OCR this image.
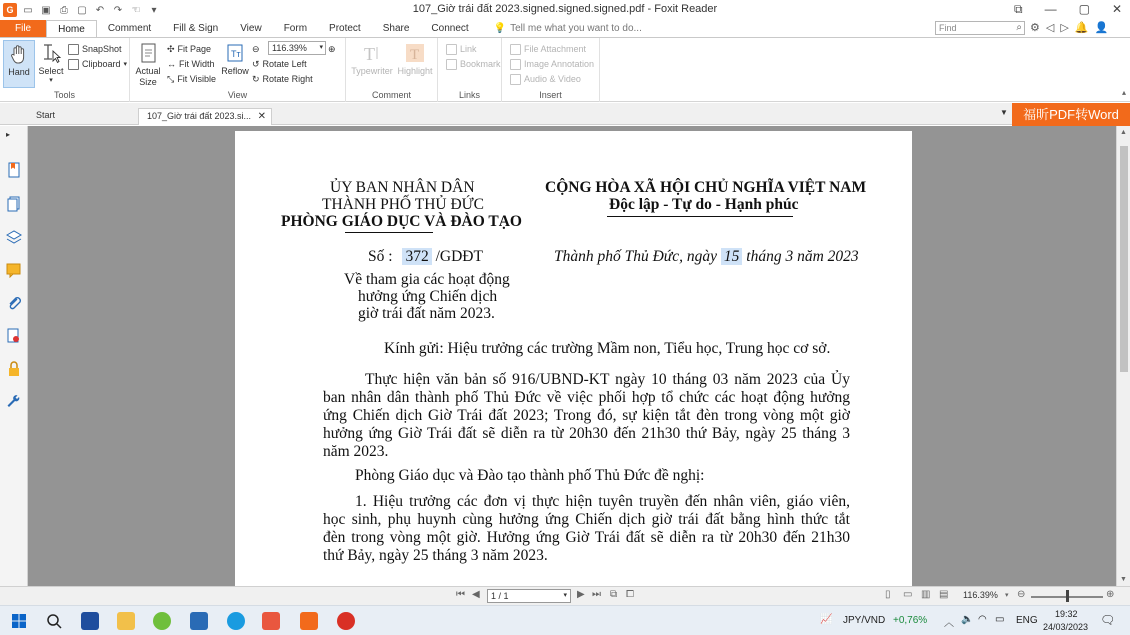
G ▭ ▣ ⎙ ▢ ↶ ↷ ☜	▾	107_Giờ trái đất 2023.signed.signed.signed.pdf - Foxit Reader	⧉ — ▢ ✕
File	Home	Comment	Fill & Sign	View	Form	Protect	Share	Connect	💡 Tell me what you want to do...	Find	⌕ ⚙ ◁ ▷ 🔔 👤
Hand Select
▾
SnapShot
Clipboard ▾
Tools
Actual Size
✣ Fit Page
↔ Fit Width
⤡ Fit Visible
Tт
Reflow
⊖	116.39% ▾ ⊕
↺ Rotate Left
↻ Rotate Right
View
T
Typewriter
T
Highlight
Comment
Link
Bookmark
Links
File Attachment
Image Annotation
Audio & Video
Insert	▴
Start	107_Giờ trái đất 2023.si... ✕	▼	福昕PDF转Word
▸
ỦY BAN NHÂN DÂN
THÀNH PHỐ THỦ ĐỨC
PHÒNG GIÁO DỤC VÀ ĐÀO TẠO
CỘNG HÒA XÃ HỘI CHỦ NGHĨA VIỆT NAM
Độc lập - Tự do - Hạnh phúc
Số : 372 /GDĐT	Thành phố Thủ Đức, ngày 15 tháng 3 năm 2023
Về tham gia các hoạt động
hưởng ứng Chiến dịch
giờ trái đất năm 2023.
Kính gửi: Hiệu trưởng các trường Mầm non, Tiểu học, Trung học cơ sở.
Thực hiện văn bản số 916/UBND-KT ngày 10 tháng 03 năm 2023 của Ủy
ban nhân dân thành phố Thủ Đức về việc phối hợp tổ chức các hoạt động hưởng
ứng Chiến dịch Giờ Trái đất 2023; Trong đó, sự kiện tắt đèn trong vòng một giờ
hưởng ứng Giờ Trái đất sẽ diễn ra từ 20h30 đến 21h30 thứ Bảy, ngày 25 tháng 3
năm 2023.
Phòng Giáo dục và Đào tạo thành phố Thủ Đức đề nghị:
1. Hiệu trưởng các đơn vị thực hiện tuyên truyền đến nhân viên, giáo viên,
học sinh, phụ huynh cùng hưởng ứng Chiến dịch giờ trái đất bằng hình thức tắt
đèn trong vòng một giờ. Hưởng ứng Giờ Trái đất sẽ diễn ra từ 20h30 đến 21h30
thứ Bảy, ngày 25 tháng 3 năm 2023.
▲
▼
⏮ ◀	1 / 1	▾ ▶ ⏭ ⧉ ⧠	▯ ▭ ▥ ▤ 116.39% ▾ ⊖	⊕
📈 JPY/VND +0,76% ︿ 🔈 ◠ ▭ ENG
19:32
24/03/2023 🗨
